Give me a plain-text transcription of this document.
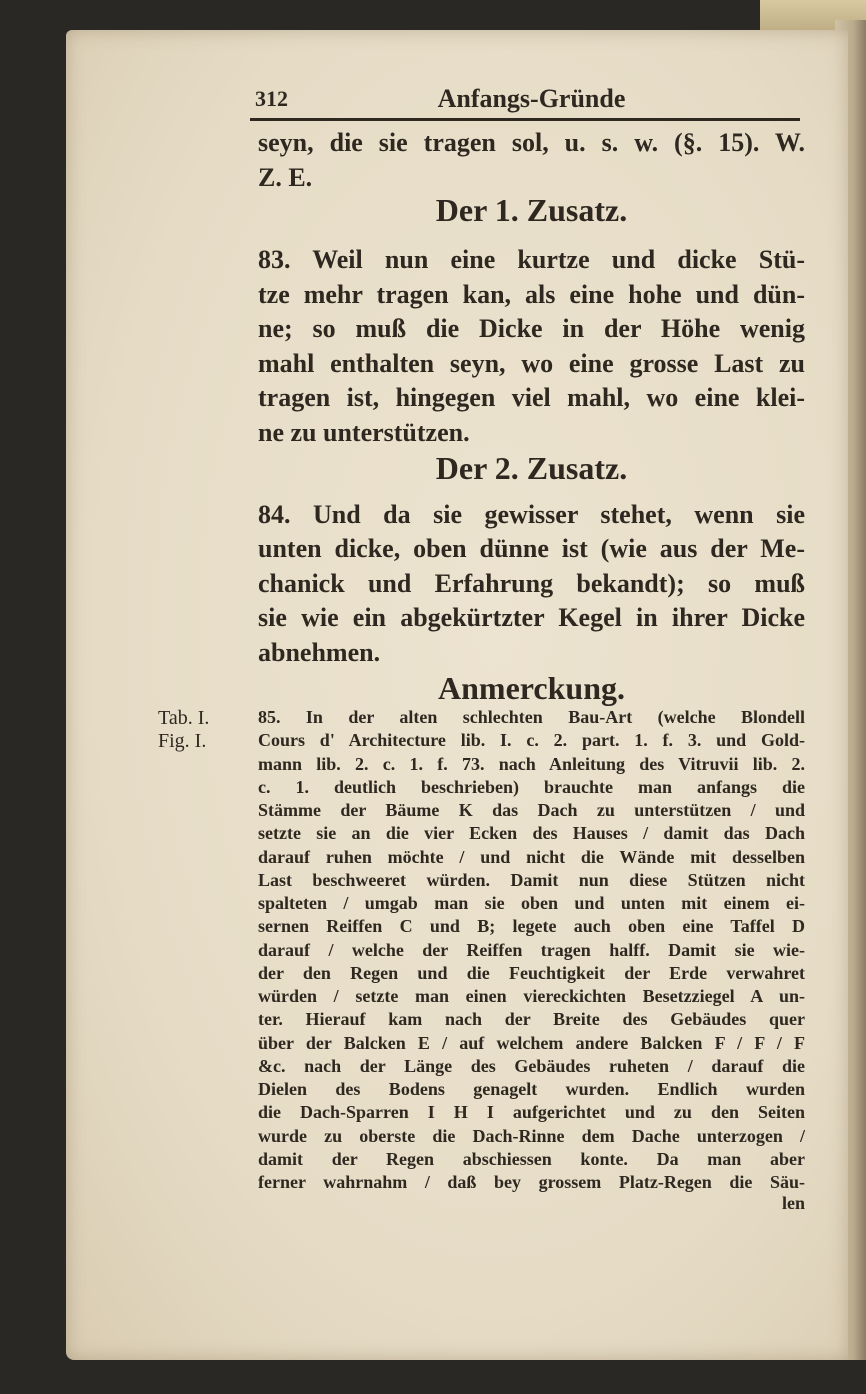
312	Anfangs-Gründe
seyn, die sie tragen sol, u. s. w. (§. 15). W.
Z. E.
Der 1. Zusatz.
83. Weil nun eine kurtze und dicke Stü-
tze mehr tragen kan, als eine hohe und dün-
ne; so muß die Dicke in der Höhe wenig
mahl enthalten seyn, wo eine grosse Last zu
tragen ist, hingegen viel mahl, wo eine klei-
ne zu unterstützen.
Der 2. Zusatz.
84. Und da sie gewisser stehet, wenn sie
unten dicke, oben dünne ist (wie aus der Me-
chanick und Erfahrung bekandt); so muß
sie wie ein abgekürtzter Kegel in ihrer Dicke
abnehmen.
Anmerckung.
Tab. I.
Fig. I.
85. In der alten schlechten Bau-Art (welche Blondell
Cours d' Architecture lib. I. c. 2. part. 1. f. 3. und Gold-
mann lib. 2. c. 1. f. 73. nach Anleitung des Vitruvii lib. 2.
c. 1. deutlich beschrieben) brauchte man anfangs die
Stämme der Bäume K das Dach zu unterstützen / und
setzte sie an die vier Ecken des Hauses / damit das Dach
darauf ruhen möchte / und nicht die Wände mit desselben
Last beschweeret würden. Damit nun diese Stützen nicht
spalteten / umgab man sie oben und unten mit einem ei-
sernen Reiffen C und B; legete auch oben eine Taffel D
darauf / welche der Reiffen tragen halff. Damit sie wie-
der den Regen und die Feuchtigkeit der Erde verwahret
würden / setzte man einen viereckichten Besetzziegel A un-
ter. Hierauf kam nach der Breite des Gebäudes quer
über der Balcken E / auf welchem andere Balcken F / F / F
&c. nach der Länge des Gebäudes ruheten / darauf die
Dielen des Bodens genagelt wurden. Endlich wurden
die Dach-Sparren I H I aufgerichtet und zu den Seiten
wurde zu oberste die Dach-Rinne dem Dache unterzogen /
damit der Regen abschiessen konte. Da man aber
ferner wahrnahm / daß bey grossem Platz-Regen die Säu-
len
